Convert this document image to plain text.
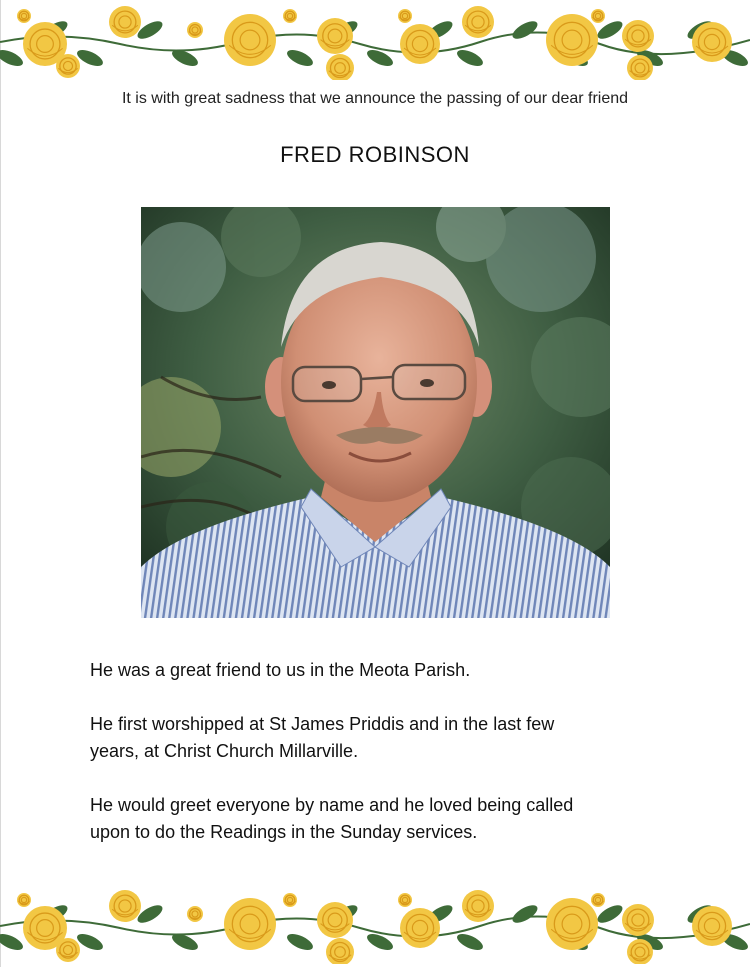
It is with great sadness that we announce the passing of our dear friend
FRED ROBINSON
He was a great friend to us in the Meota Parish.
He first worshipped at St James Priddis and in the last few
years, at Christ Church Millarville.
He would greet everyone by name and he loved being called
upon to do the Readings in the Sunday services.
